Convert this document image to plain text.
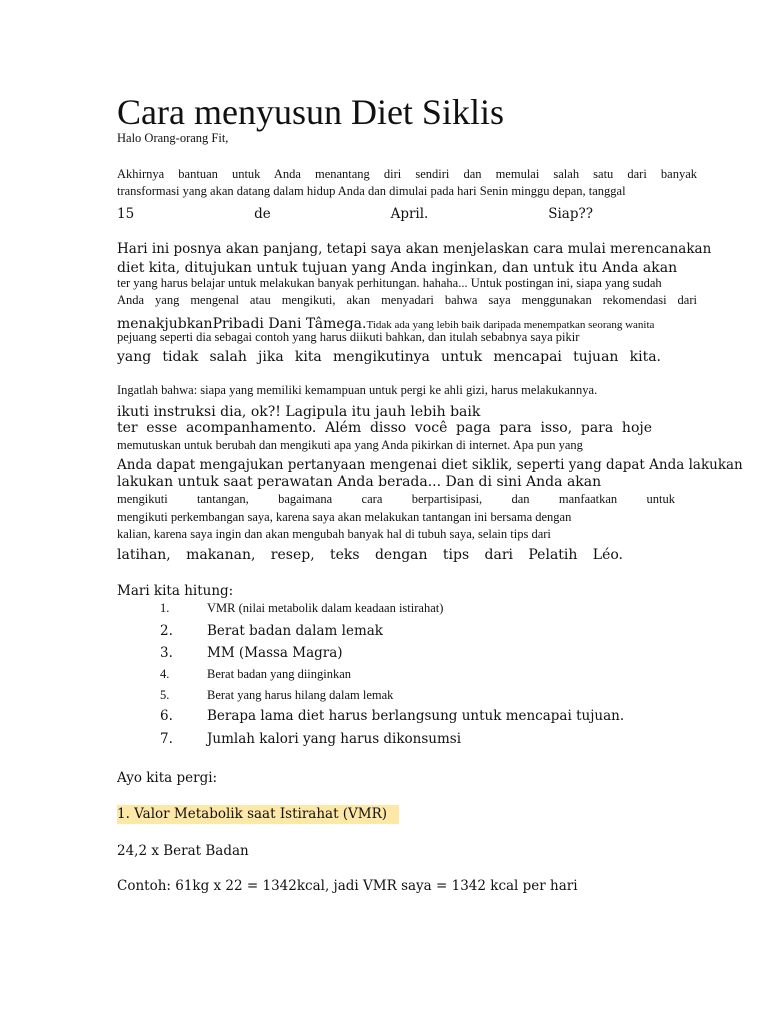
Cara menyusun Diet Siklis
Halo Orang-orang Fit,
Akhirnya bantuan untuk Anda menantang diri sendiri dan memulai salah satu dari banyak
transformasi yang akan datang dalam hidup Anda dan dimulai pada hari Senin minggu depan, tanggal
15	de	April.	Siap??
Hari ini posnya akan panjang, tetapi saya akan menjelaskan cara mulai merencanakan
diet kita, ditujukan untuk tujuan yang Anda inginkan, dan untuk itu Anda akan
ter yang harus belajar untuk melakukan banyak perhitungan. hahaha... Untuk postingan ini, siapa yang sudah
Anda yang mengenal atau mengikuti, akan menyadari bahwa saya menggunakan rekomendasi dari
menakjubkanPribadi Dani Tâmega.Tidak ada yang lebih baik daripada menempatkan seorang wanita
pejuang seperti dia sebagai contoh yang harus diikuti bahkan, dan itulah sebabnya saya pikir
yang tidak salah jika kita mengikutinya untuk mencapai tujuan kita.
Ingatlah bahwa: siapa yang memiliki kemampuan untuk pergi ke ahli gizi, harus melakukannya.
ikuti instruksi dia, ok?! Lagipula itu jauh lebih baik
ter esse acompanhamento. Além disso você paga para isso, para hoje
memutuskan untuk berubah dan mengikuti apa yang Anda pikirkan di internet. Apa pun yang
Anda dapat mengajukan pertanyaan mengenai diet siklik, seperti yang dapat Anda lakukan
lakukan untuk saat perawatan Anda berada... Dan di sini Anda akan
mengikuti tantangan, bagaimana cara berpartisipasi, dan manfaatkan untuk
mengikuti perkembangan saya, karena saya akan melakukan tantangan ini bersama dengan
kalian, karena saya ingin dan akan mengubah banyak hal di tubuh saya, selain tips dari
latihan, makanan, resep, teks dengan tips dari Pelatih Léo.
Mari kita hitung:
1.	VMR (nilai metabolik dalam keadaan istirahat)
2.	Berat badan dalam lemak
3.	MM (Massa Magra)
4.	Berat badan yang diinginkan
5.	Berat yang harus hilang dalam lemak
6.	Berapa lama diet harus berlangsung untuk mencapai tujuan.
7.	Jumlah kalori yang harus dikonsumsi
Ayo kita pergi:
1. Valor Metabolik saat Istirahat (VMR)
24,2 x Berat Badan
Contoh: 61kg x 22 = 1342kcal, jadi VMR saya = 1342 kcal per hari
